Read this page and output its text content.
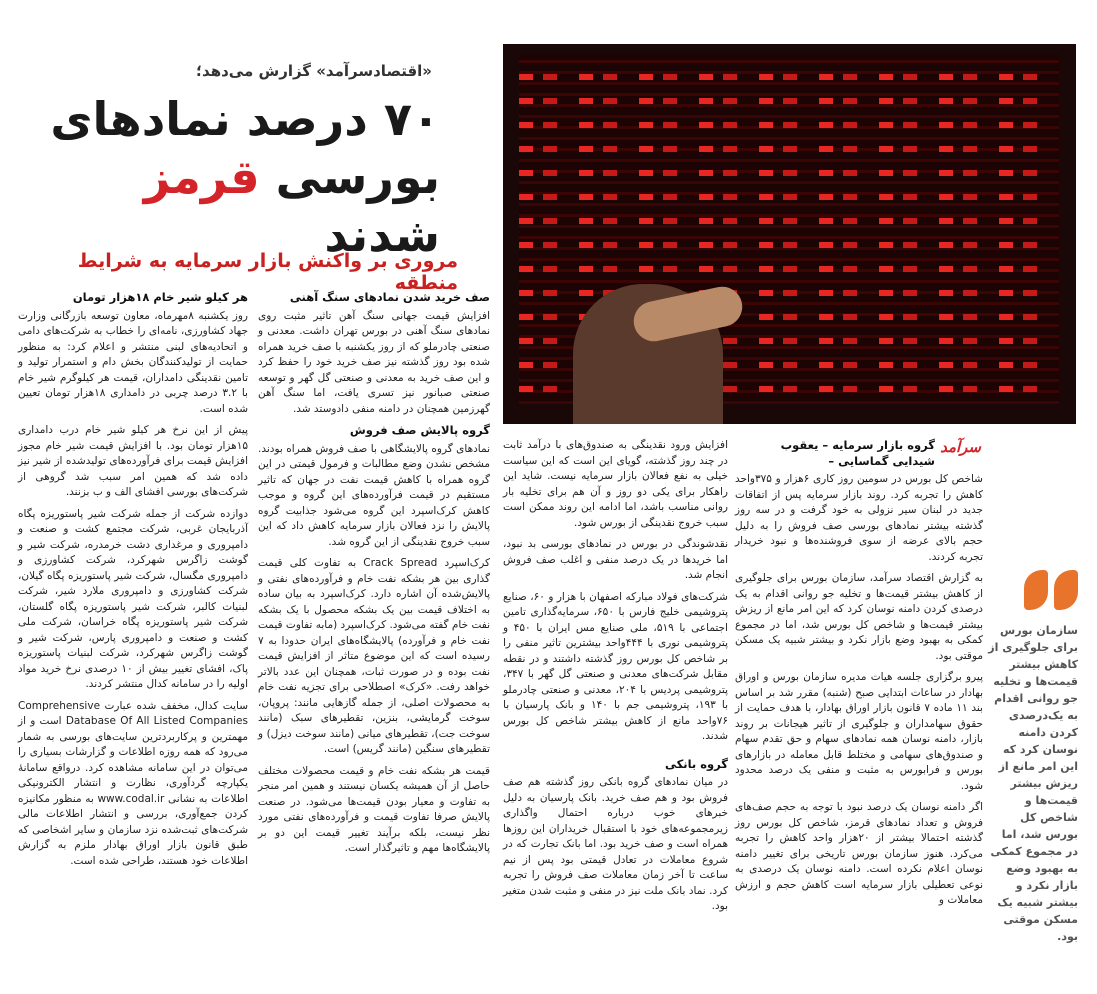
«اقتصادسرآمد» گزارش می‌دهد؛
۷۰ درصد نمادهای
بورسی قرمز شدند
مروری بر واکنش بازار سرمایه به شرایط منطقه
سرآمد
گروه بازار سرمایه – یعقوب شیدایی گماسایی –

شاخص کل بورس در سومین روز کاری ۶هزار و ۳۷۵واحد کاهش را تجربه کرد. روند بازار سرمایه پس از اتفاقات جدید در لبنان سیر نزولی به خود گرفت و در سه روز گذشته بیشتر نمادهای بورسی صف فروش را به دلیل حجم بالای عرضه از سوی فروشنده‌ها و نبود خریدار تجربه کردند.

به گزارش اقتصاد سرآمد، سازمان بورس برای جلوگیری از کاهش بیشتر قیمت‌ها و تخلیه جو روانی اقدام به یک درصدی کردن دامنه نوسان کرد که این امر مانع از ریزش بیشتر قیمت‌ها و شاخص کل بورس شد، اما در مجموع کمکی به بهبود وضع بازار نکرد و بیشتر شبیه یک مسکن موقتی بود.

پیرو برگزاری جلسه هیات مدیره سازمان بورس و اوراق بهادار در ساعات ابتدایی صبح (شنبه) مقرر شد بر اساس بند ۱۱ ماده ۷ قانون بازار اوراق بهادار، با هدف حمایت از حقوق سهامداران و جلوگیری از تاثیر هیجانات بر روند بازار، دامنه نوسان همه نمادهای سهام و حق تقدم سهام و صندوق‌های سهامی و مختلط قابل معامله در بازارهای بورس و فرابورس به مثبت و منفی یک درصد محدود شود.

اگر دامنه نوسان یک درصد نبود با توجه به حجم صف‌های فروش و تعداد نمادهای قرمز، شاخص کل بورس روز گذشته احتمالا بیشتر از ۲۰هزار واحد کاهش را تجربه می‌کرد. هنوز سازمان بورس تاریخی برای تغییر دامنه نوسان اعلام نکرده است. دامنه نوسان یک درصدی به نوعی تعطیلی بازار سرمایه است کاهش حجم و ارزش معاملات و

افزایش ورود نقدینگی به صندوق‌های با درآمد ثابت در چند روز گذشته، گویای این است که این سیاست خیلی به نفع فعالان بازار سرمایه نیست. شاید این راهکار برای یکی دو روز و آن هم برای تخلیه بار روانی مناسب باشد، اما ادامه این روند ممکن است سبب خروج نقدینگی از بورس شود.

نقدشوندگی در بورس در نمادهای بورسی بد نبود، اما خریدها در یک درصد منفی و اغلب صف فروش انجام شد.

شرکت‌های فولاد مبارکه اصفهان با هزار و ۶۰، صنایع پتروشیمی خلیج فارس با ۶۵۰، سرمایه‌گذاری تامین اجتماعی با ۵۱۹، ملی صنایع مس ایران با ۴۵۰ و پتروشیمی نوری با ۴۴۴واحد بیشترین تاثیر منفی را بر شاخص کل بورس روز گذشته داشتند و در نقطه مقابل شرکت‌های معدنی و صنعتی گل گهر با ۳۴۷، پتروشیمی پردیس با ۲۰۴، معدنی و صنعتی چادرملو با ۱۹۳، پتروشیمی جم با ۱۴۰ و بانک پارسیان با ۷۶واحد مانع از کاهش بیشتر شاخص کل بورس شدند.

گروه بانکی

در میان نمادهای گروه بانکی روز گذشته هم صف فروش بود و هم صف خرید. بانک پارسیان به دلیل خبرهای خوب درباره احتمال واگذاری زیرمجموعه‌های خود با استقبال خریداران این روزها همراه است و صف خرید بود. اما بانک تجارت که در شروع معاملات در تعادل قیمتی بود پس از نیم ساعت تا آخر زمان معاملات صف فروش را تجربه کرد. نماد بانک ملت نیز در منفی و مثبت شدن متغیر بود.

صف خرید شدن نمادهای سنگ آهنی

افزایش قیمت جهانی سنگ آهن تاثیر مثبت روی نمادهای سنگ آهنی در بورس تهران داشت. معدنی و صنعتی چادرملو که از روز یکشنبه با صف خرید همراه شده بود روز گذشته نیز صف خرید خود را حفظ کرد و این صف خرید به معدنی و صنعتی گل گهر و توسعه صنعتی صبانور نیز تسری یافت، اما سنگ آهن گهرزمین همچنان در دامنه منفی دادوستد شد.

گروه پالایش صف فروش

نمادهای گروه پالایشگاهی با صف فروش همراه بودند. مشخص نشدن وضع مطالبات و فرمول قیمتی در این گروه همراه با کاهش قیمت نفت در جهان که تاثیر مستقیم در قیمت فرآورده‌های این گروه و موجب کاهش کرک‌اسپرد این گروه می‌شود جذابیت گروه پالایش را نزد فعالان بازار سرمایه کاهش داد که این سبب خروج نقدینگی از این گروه شد.

کرک‌اسپرد Crack Spread به تفاوت کلی قیمت گذاری بین هر بشکه نفت خام و فرآورده‌های نفتی و پالایش‌شده آن اشاره دارد. کرک‌اسپرد به بیان ساده به اختلاف قیمت بین یک بشکه محصول با یک بشکه نفت خام گفته می‌شود. کرک‌اسپرد (مابه تفاوت قیمت نفت خام و فرآورده) پالایشگاه‌های ایران حدودا به ۷ رسیده است که این موضوع متاثر از افزایش قیمت نفت بوده و در صورت ثبات، همچنان این عدد بالاتر خواهد رفت. «کرک» اصطلاحی برای تجزیه نفت خام به محصولات اصلی، از جمله گازهایی مانند: پروپان، سوخت گرمایشی، بنزین، تقطیرهای سبک (مانند سوخت جت)، تقطیرهای میانی (مانند سوخت دیزل) و تقطیرهای سنگین (مانند گریس) است.

قیمت هر بشکه نفت خام و قیمت محصولات مختلف حاصل از آن همیشه یکسان نیستند و همین امر منجر به تفاوت و معیار بودن قیمت‌ها می‌شود. در صنعت پالایش صرفا تفاوت قیمت و فرآورده‌های نفتی مورد نظر نیست، بلکه برآیند تغییر قیمت این دو بر پالایشگاه‌ها مهم و تاثیرگذار است.

هر کیلو شیر خام ۱۸هزار تومان

روز یکشنبه ۸مهرماه، معاون توسعه بازرگانی وزارت جهاد کشاورزی، نامه‌ای را خطاب به شرکت‌های دامی و اتحادیه‌های لبنی منتشر و اعلام کرد: به منظور حمایت از تولیدکنندگان بخش دام و استمرار تولید و تامین نقدینگی دامداران، قیمت هر کیلوگرم شیر خام با ۳.۲ درصد چربی در دامداری ۱۸هزار تومان تعیین شده است.

پیش از این نرخ هر کیلو شیر خام درب دامداری ۱۵هزار تومان بود. با افزایش قیمت شیر خام مجوز افزایش قیمت برای فرآورده‌های تولیدشده از شیر نیز داده شد که همین امر سبب شد گروهی از شرکت‌های بورسی افشای الف و ب بزنند.

دوازده شرکت از جمله شرکت شیر پاستوریزه پگاه آذربایجان غربی، شرکت مجتمع کشت و صنعت و دامپروری و مرغداری دشت خرمدره، شرکت شیر و گوشت زاگرس شهرکرد، شرکت کشاورزی و دامپروری مگسال، شرکت شیر پاستوریزه پگاه گیلان، شرکت کشاورزی و دامپروری ملارد شیر، شرکت لبنیات کالبر، شرکت شیر پاستوریزه پگاه گلستان، شرکت شیر پاستوریزه پگاه خراسان، شرکت ملی کشت و صنعت و دامپروری پارس، شرکت شیر و گوشت زاگرس شهرکرد، شرکت لبنیات پاستوریزه پاک، افشای تغییر بیش از ۱۰ درصدی نرخ خرید مواد اولیه را در سامانه کدال منتشر کردند.

سایت کدال، مخفف شده عبارت Comprehensive Database Of All Listed Companies است و از مهمترین و پرکاربردترین سایت‌های بورسی به شمار می‌رود که همه روزه اطلاعات و گزارشات بسیاری را می‌توان در این سامانه مشاهده کرد. درواقع سامانهٔ یکپارچه گردآوری، نظارت و انتشار الکترونیکی اطلاعات به نشانی www.codal.ir به منظور مکانیزه کردن جمع‌آوری، بررسی و انتشار اطلاعات مالی شرکت‌های ثبت‌شده نزد سازمان و سایر اشخاصی که طبق قانون بازار اوراق بهادار ملزم به گزارش اطلاعات خود هستند، طراحی شده است.

سازمان بورس برای جلوگیری از کاهش بیشتر قیمت‌ها و تخلیه جو روانی اقدام به یک‌درصدی کردن دامنه نوسان کرد که این امر مانع از ریزش بیشتر قیمت‌ها و شاخص کل بورس شد، اما در مجموع کمکی به بهبود وضع بازار نکرد و بیشتر شبیه یک مسکن موقتی بود.
